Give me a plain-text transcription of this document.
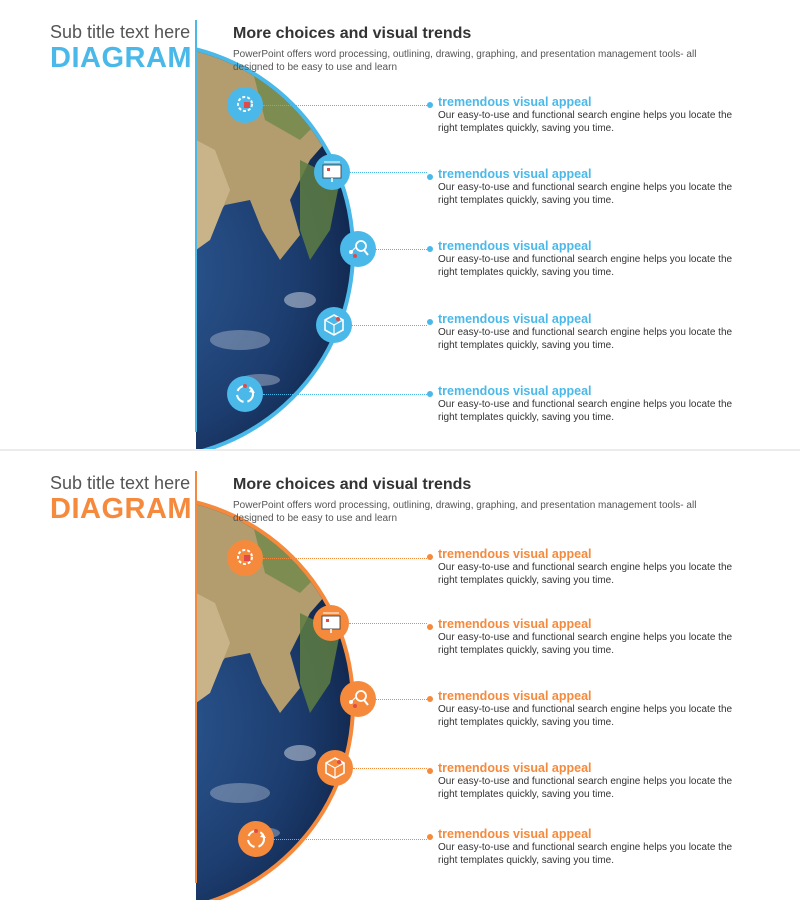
Sub title text here
DIAGRAM
More choices and visual trends
PowerPoint offers word processing, outlining, drawing, graphing, and presentation management tools- all designed to be easy to use and learn
tremendous visual appeal
Our easy-to-use and functional search engine helps you locate the right templates quickly, saving you time.
tremendous visual appeal
Our easy-to-use and functional search engine helps you locate the right templates quickly, saving you time.
tremendous visual appeal
Our easy-to-use and functional search engine helps you locate the right templates quickly, saving you time.
tremendous visual appeal
Our easy-to-use and functional search engine helps you locate the right templates quickly, saving you time.
tremendous visual appeal
Our easy-to-use and functional search engine helps you locate the right templates quickly, saving you time.
Sub title text here
DIAGRAM
More choices and visual trends
PowerPoint offers word processing, outlining, drawing, graphing, and presentation management tools- all designed to be easy to use and learn
tremendous visual appeal
Our easy-to-use and functional search engine helps you locate the right templates quickly, saving you time.
tremendous visual appeal
Our easy-to-use and functional search engine helps you locate the right templates quickly, saving you time.
tremendous visual appeal
Our easy-to-use and functional search engine helps you locate the right templates quickly, saving you time.
tremendous visual appeal
Our easy-to-use and functional search engine helps you locate the right templates quickly, saving you time.
tremendous visual appeal
Our easy-to-use and functional search engine helps you locate the right templates quickly, saving you time.
